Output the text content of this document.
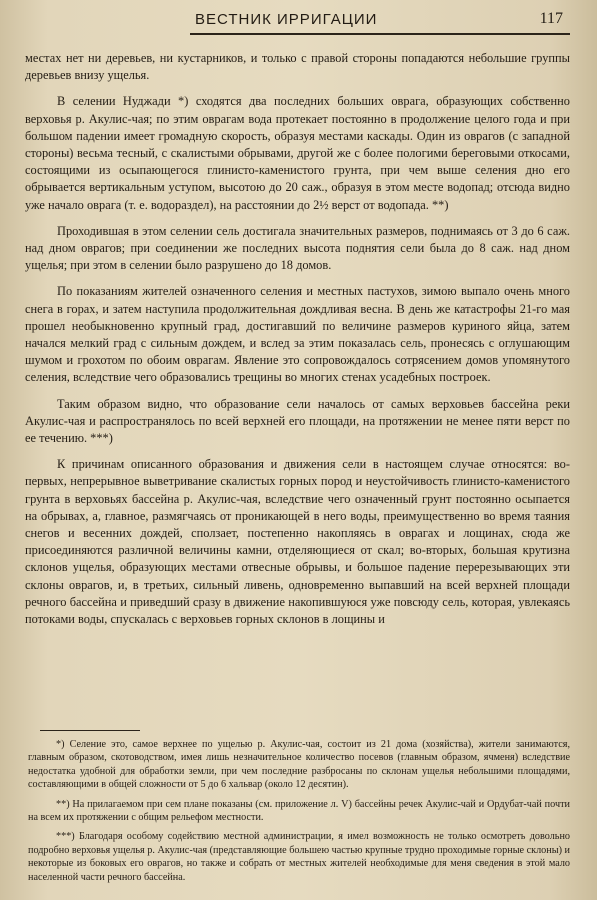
ВЕСТНИК ИРРИГАЦИИ	117

местах нет ни деревьев, ни кустарников, и только с правой стороны попадаются небольшие группы деревьев внизу ущелья.

В селении Нуджади *) сходятся два последних больших оврага, образующих собственно верховья р. Акулис-чая; по этим оврагам вода протекает постоянно в продолжение целого года и при большом падении имеет громадную скорость, образуя местами каскады. Один из оврагов (с западной стороны) весьма тесный, с скалистыми обрывами, другой же с более пологими береговыми откосами, состоящими из осыпающегося глинисто-каменистого грунта, при чем выше селения дно его обрывается вертикальным уступом, высотою до 20 саж., образуя в этом месте водопад; отсюда видно уже начало оврага (т. е. водораздел), на расстоянии до 2½ верст от водопада. **)

Проходившая в этом селении сель достигала значительных размеров, поднимаясь от 3 до 6 саж. над дном оврагов; при соединении же последних высота поднятия сели была до 8 саж. над дном ущелья; при этом в селении было разрушено до 18 домов.

По показаниям жителей означенного селения и местных пастухов, зимою выпало очень много снега в горах, и затем наступила продолжительная дождливая весна. В день же катастрофы 21-го мая прошел необыкновенно крупный град, достигавший по величине размеров куриного яйца, затем начался мелкий град с сильным дождем, и вслед за этим показалась сель, пронесясь с оглушающим шумом и грохотом по обоим оврагам. Явление это сопровождалось сотрясением домов упомянутого селения, вследствие чего образовались трещины во многих стенах усадебных построек.

Таким образом видно, что образование сели началось от самых верховьев бассейна реки Акулис-чая и распространялось по всей верхней его площади, на протяжении не менее пяти верст по ее течению. ***)

К причинам описанного образования и движения сели в настоящем случае относятся: во-первых, непрерывное выветривание скалистых горных пород и неустойчивость глинисто-каменистого грунта в верховьях бассейна р. Акулис-чая, вследствие чего означенный грунт постоянно осыпается на обрывах, а, главное, размягчаясь от проникающей в него воды, преимущественно во время таяния снегов и весенних дождей, сползает, постепенно накопляясь в оврагах и лощинах, сюда же присоединяются различной величины камни, отделяющиеся от скал; во-вторых, большая крутизна склонов ущелья, образующих местами отвесные обрывы, и большое падение перерезывающих эти склоны оврагов, и, в третьих, сильный ливень, одновременно выпавший на всей верхней площади речного бассейна и приведший сразу в движение накопившуюся уже повсюду сель, которая, увлекаясь потоками воды, спускалась с верховьев горных склонов в лощины и

*) Селение это, самое верхнее по ущелью р. Акулис-чая, состоит из 21 дома (хозяйства), жители занимаются, главным образом, скотоводством, имея лишь незначительное количество посевов (главным образом, ячменя) вследствие недостатка удобной для обработки земли, при чем последние разбросаны по склонам ущелья небольшими площадями, составляющими в общей сложности от 5 до 6 хальвар (около 12 десятин).

**) На прилагаемом при сем плане показаны (см. приложение л. V) бассейны речек Акулис-чай и Ордубат-чай почти на всем их протяжении с общим рельефом местности.

***) Благодаря особому содействию местной администрации, я имел возможность не только осмотреть довольно подробно верховья ущелья р. Акулис-чая (представляющие большею частью крупные трудно проходимые горные склоны) и некоторые из боковых его оврагов, но также и собрать от местных жителей необходимые для меня сведения в этой мало населенной части речного бассейна.
